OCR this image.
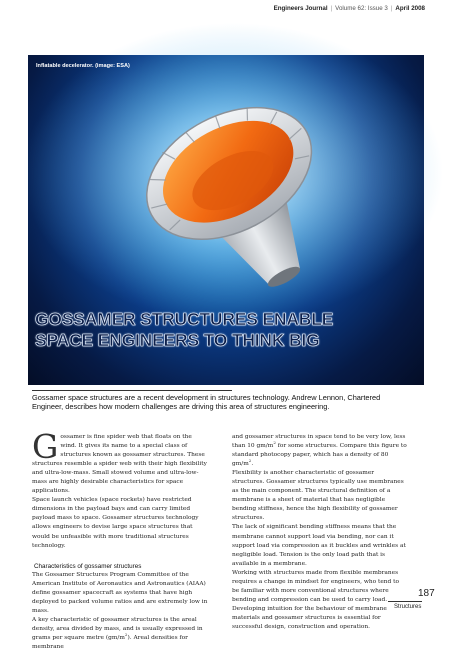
Engineers Journal | Volume 62: Issue 3 | April 2008
Inflatable decelerator. (image: ESA)
GOSSAMER STRUCTURES ENABLE SPACE ENGINEERS TO THINK BIG

Gossamer space structures are a recent development in structures technology. Andrew Lennon, Chartered Engineer, describes how modern challenges are driving this area of structures engineering.

Gossamer is fine spider web that floats on the wind. It gives its name to a special class of structures known as gossamer structures. These structures resemble a spider web with their high flexibility and ultra-low-mass. Small stowed volume and ultra-low-mass are highly desirable characteristics for space applications.

Space launch vehicles (space rockets) have restricted dimensions in the payload bays and can carry limited payload mass to space. Gossamer structures technology allows engineers to devise large space structures that would be unfeasible with more traditional structures technology.

Characteristics of gossamer structures

The Gossamer Structures Program Committee of the American Institute of Aeronautics and Astronautics (AIAA) define gossamer spacecraft as systems that have high deployed to packed volume ratios and are extremely low in mass.

A key characteristic of gossamer structures is the areal density, area divided by mass, and is usually expressed in grams per square metre $(gm/m^2)$. Areal densities for membrane

and gossamer structures in space tend to be very low, less than 10 $gm/m^2$ for some structures. Compare this figure to standard photocopy paper, which has a density of 80 $gm/m^2$.

Flexibility is another characteristic of gossamer structures. Gossamer structures typically use membranes as the main component. The structural definition of a membrane is a sheet of material that has negligible bending stiffness, hence the high flexibility of gossamer structures.

The lack of significant bending stiffness means that the membrane cannot support load via bending, nor can it support load via compression as it buckles and wrinkles at negligible load. Tension is the only load path that is available in a membrane.

Working with structures made from flexible membranes requires a change in mindset for engineers, who tend to be familiar with more conventional structures where bending and compression can be used to carry load. Developing intuition for the behaviour of membrane materials and gossamer structures is essential for successful design, construction and operation.

187
Structures
